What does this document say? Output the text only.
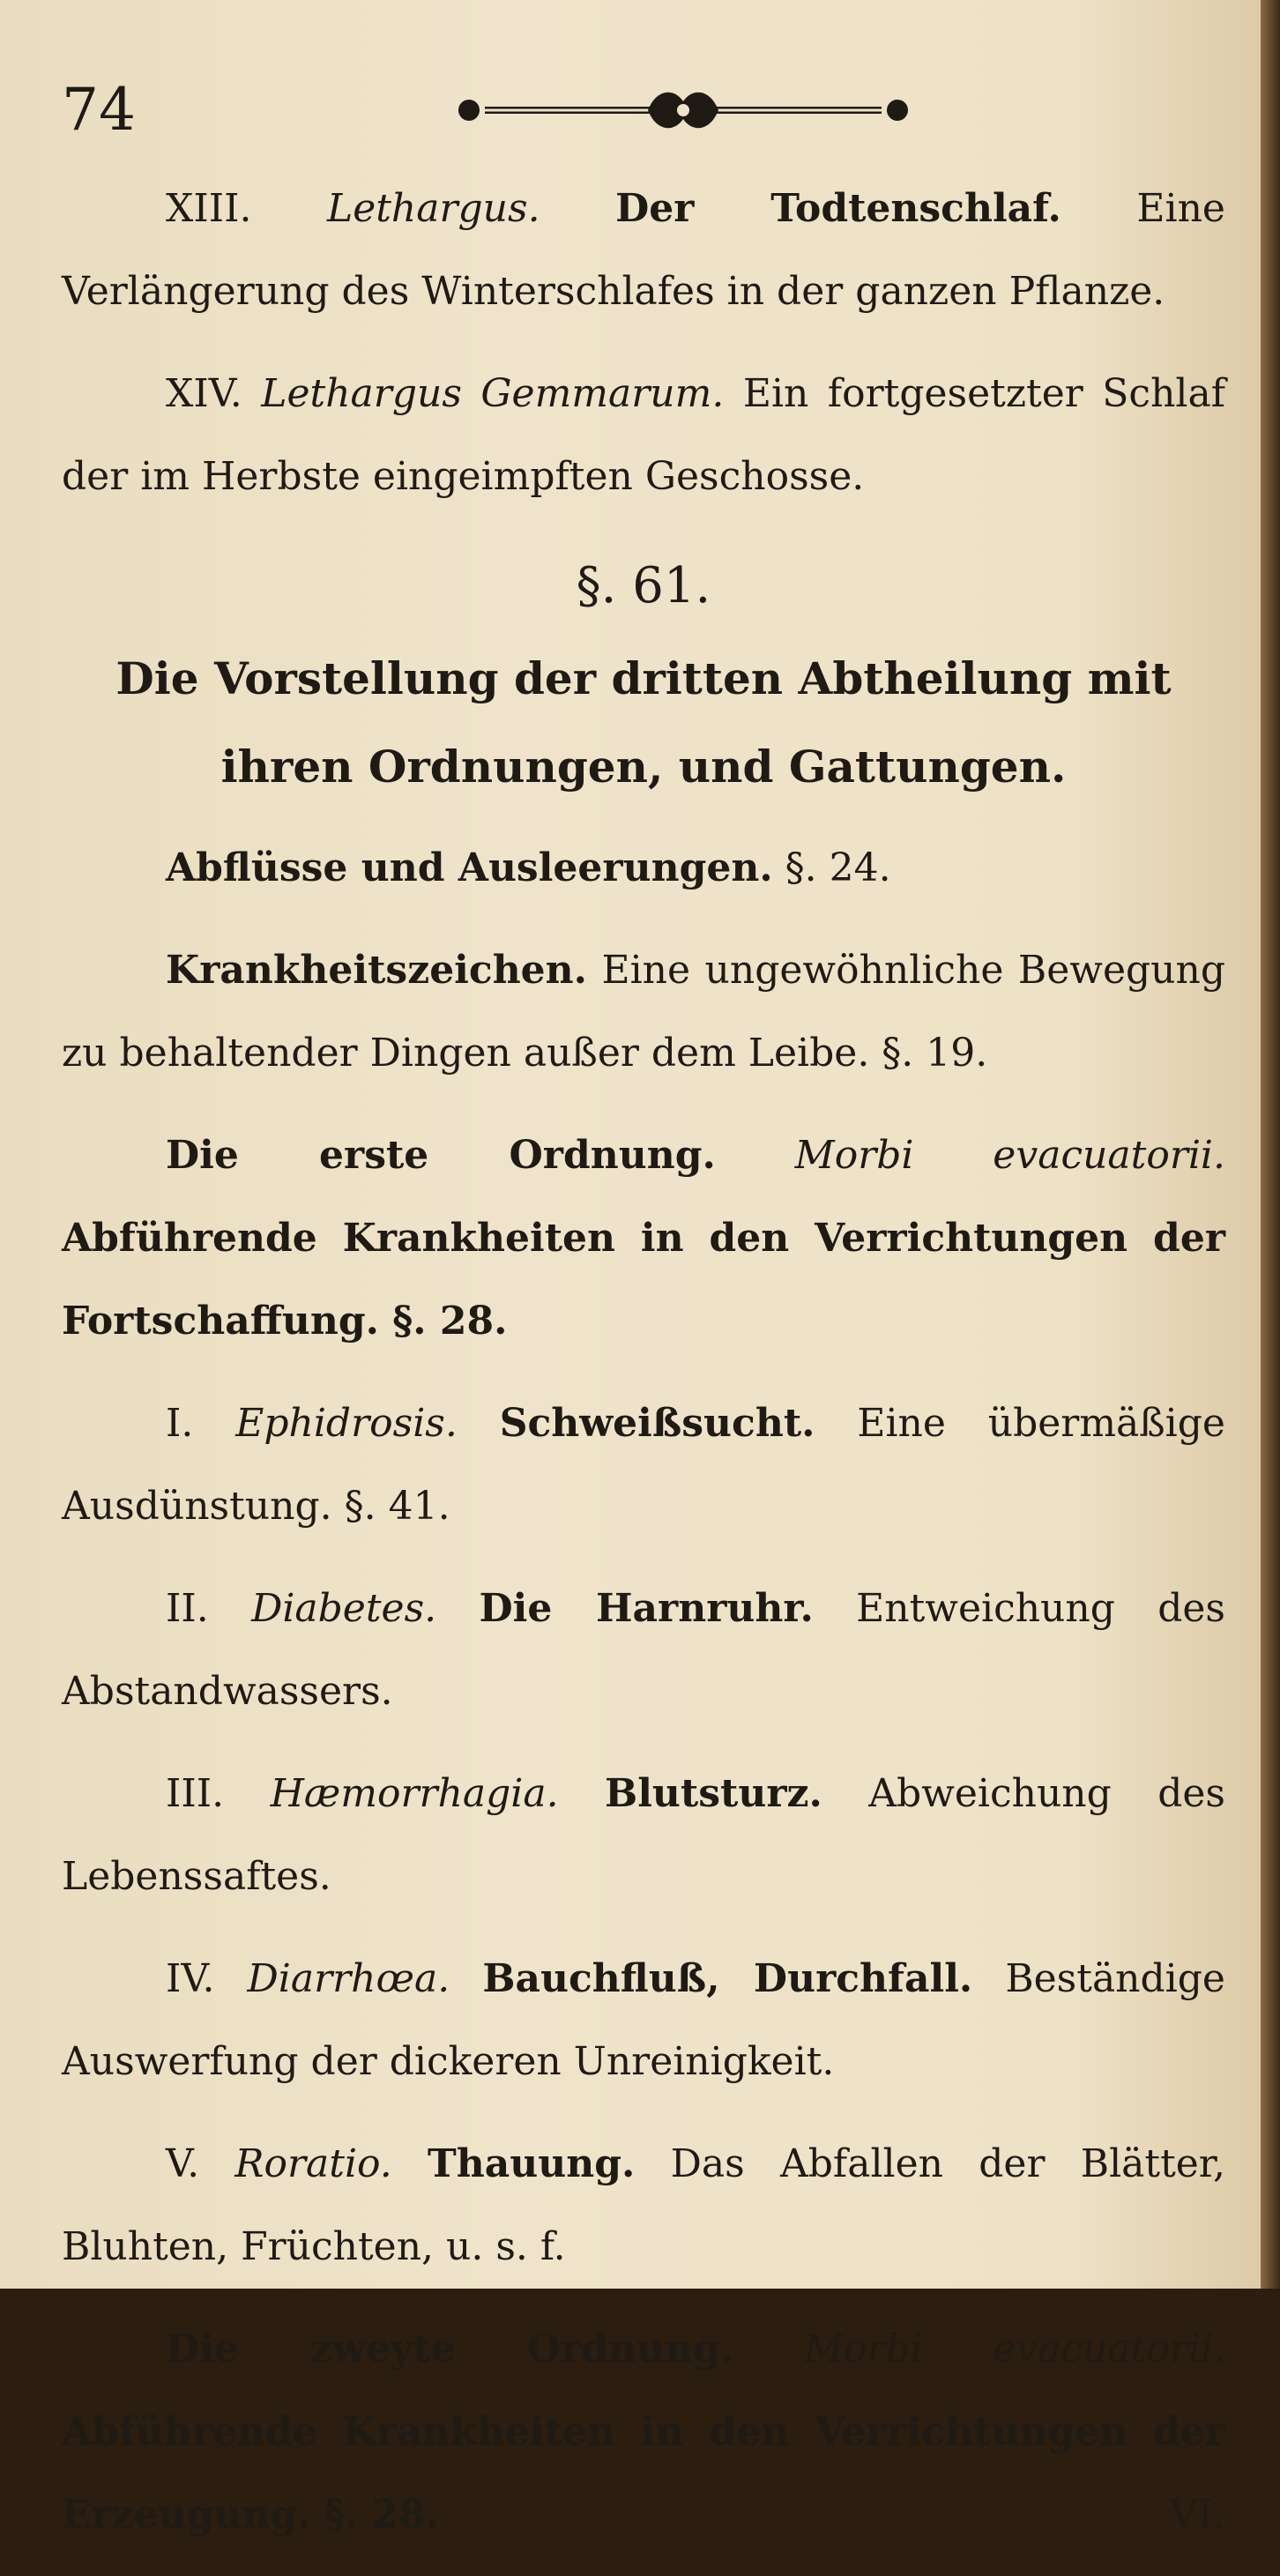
74

XIII. Lethargus. Der Todtenschlaf. Eine Verlängerung des Winterschlafes in der ganzen Pflanze.

XIV. Lethargus Gemmarum. Ein fortgesetzter Schlaf der im Herbste eingeimpften Geschosse.

§. 61.
Die Vorstellung der dritten Abtheilung mit ihren Ordnungen, und Gattungen.

Abflüsse und Ausleerungen. §. 24.

Krankheitszeichen. Eine ungewöhnliche Bewegung zu behaltender Dingen außer dem Leibe. §. 19.

Die erste Ordnung. Morbi evacuatorii. Abführende Krankheiten in den Verrichtungen der Fortschaffung. §. 28.

I. Ephidrosis. Schweißsucht. Eine übermäßige Ausdünstung. §. 41.

II. Diabetes. Die Harnruhr. Entweichung des Abstandwassers.

III. Hæmorrhagia. Blutsturz. Abweichung des Lebenssaftes.

IV. Diarrhœa. Bauchfluß, Durchfall. Beständige Auswerfung der dickeren Unreinigkeit.

V. Roratio. Thauung. Das Abfallen der Blätter, Bluhten, Früchten, u. s. f.

Die zweyte Ordnung. Morbi evacuatorii. Abführende Krankheiten in den Verrichtungen der Erzeugung. §. 28.	VI.
